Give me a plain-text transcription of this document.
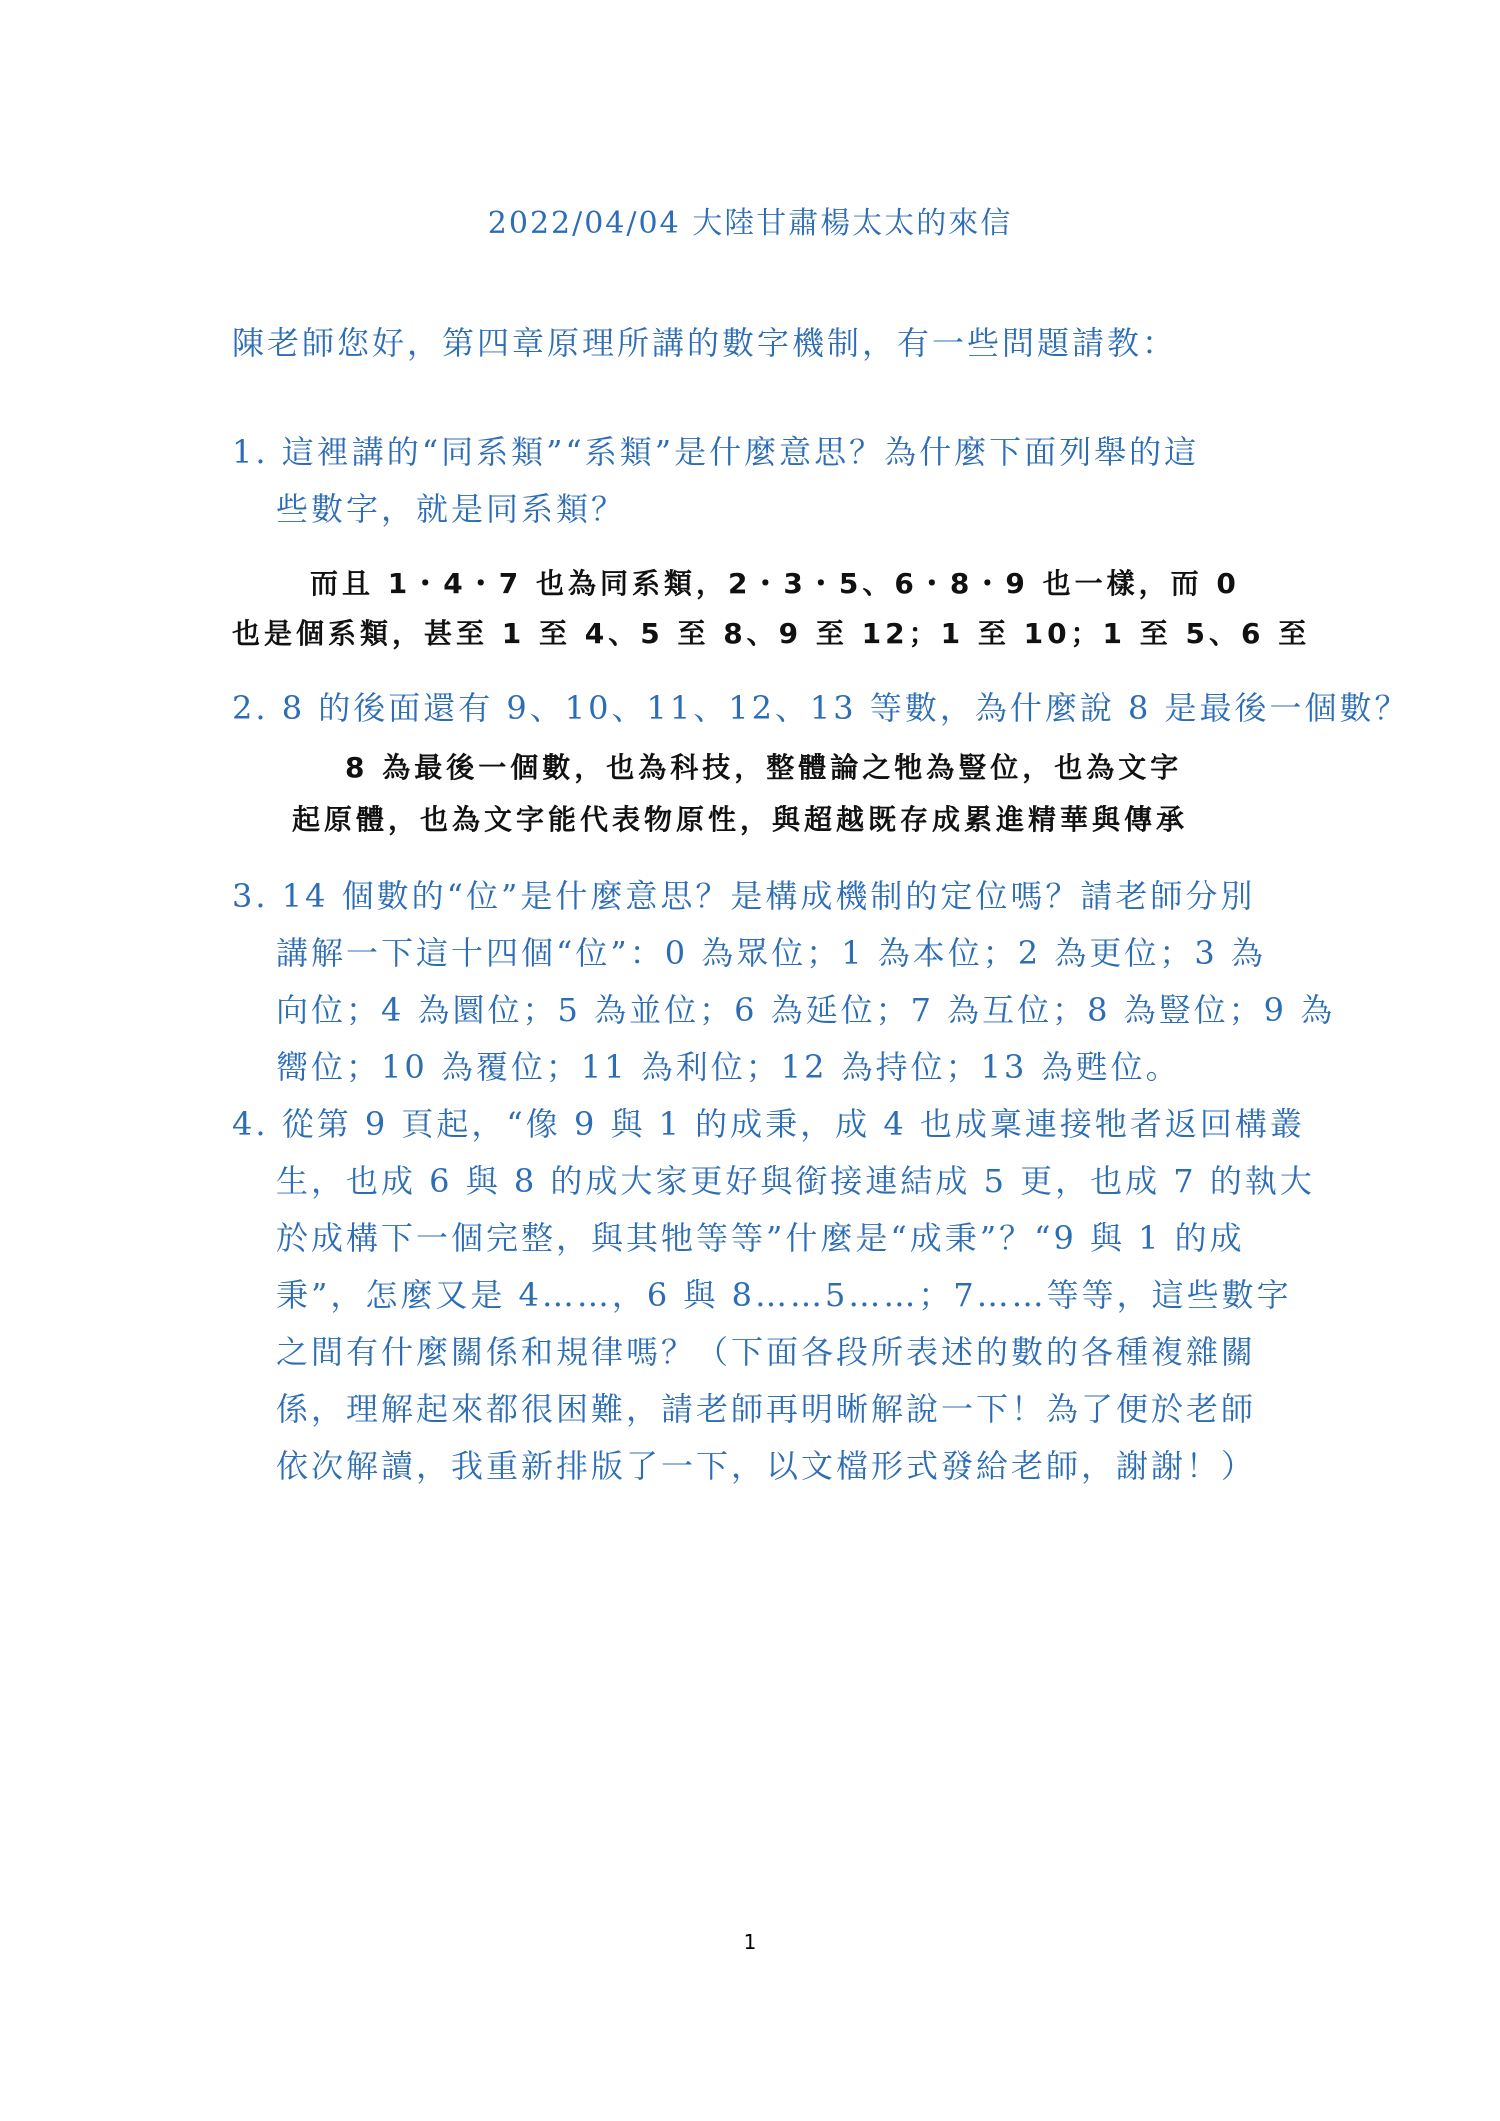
2022/04/04 大陸甘肅楊太太的來信
陳老師您好，第四章原理所講的數字機制，有一些問題請教：
1. 這裡講的“同系類”“系類”是什麼意思？為什麼下面列舉的這
些數字，就是同系類？
而且 1・4・7 也為同系類，2・3・5、6・8・9 也一樣，而 0
也是個系類，甚至 1 至 4、5 至 8、9 至 12；1 至 10；1 至 5、6 至
2. 8 的後面還有 9、10、11、12、13 等數，為什麼說 8 是最後一個數？
8 為最後一個數，也為科技，整體論之牠為豎位，也為文字
起原體，也為文字能代表物原性，與超越既存成累進精華與傳承
3. 14 個數的“位”是什麼意思？是構成機制的定位嗎？請老師分別
講解一下這十四個“位”：0 為眾位；1 為本位；2 為更位；3 為
向位；4 為圜位；5 為並位；6 為延位；7 為互位；8 為豎位；9 為
嚮位；10 為覆位；11 為利位；12 為持位；13 為甦位。
4. 從第 9 頁起，“像 9 與 1 的成秉，成 4 也成稟連接牠者返回構叢
生，也成 6 與 8 的成大家更好與銜接連結成 5 更，也成 7 的執大
於成構下一個完整，與其牠等等”什麼是“成秉”？“9 與 1 的成
秉”，怎麼又是 4……，6 與 8……5……；7……等等，這些數字
之間有什麼關係和規律嗎？（下面各段所表述的數的各種複雜關
係，理解起來都很困難，請老師再明晰解說一下！為了便於老師
依次解讀，我重新排版了一下，以文檔形式發給老師，謝謝！）
1
